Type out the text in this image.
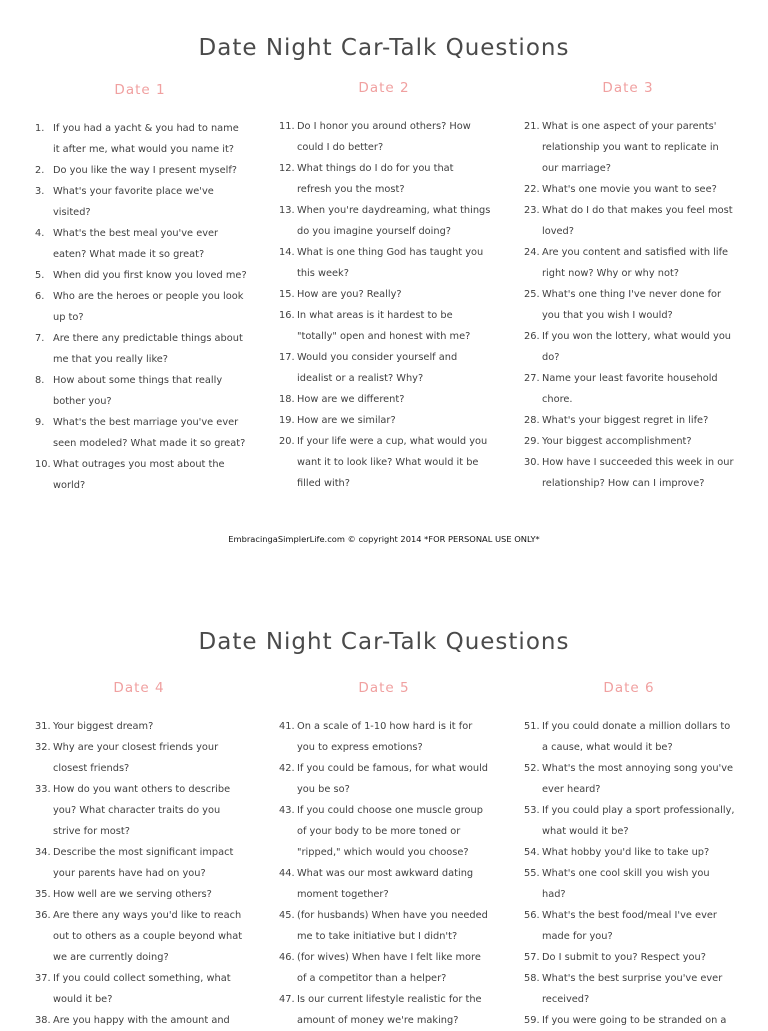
Date Night Car-Talk Questions
Date 1	Date 2	Date 3
1. If you had a yacht & you had to name it after me, what would you name it?
2. Do you like the way I present myself?
3. What's your favorite place we've visited?
4. What's the best meal you've ever eaten? What made it so great?
5. When did you first know you loved me?
6. Who are the heroes or people you look up to?
7. Are there any predictable things about me that you really like?
8. How about some things that really bother you?
9. What's the best marriage you've ever seen modeled? What made it so great?
10. What outrages you most about the world?
11. Do I honor you around others? How could I do better?
12. What things do I do for you that refresh you the most?
13. When you're daydreaming, what things do you imagine yourself doing?
14. What is one thing God has taught you this week?
15. How are you? Really?
16. In what areas is it hardest to be "totally" open and honest with me?
17. Would you consider yourself and idealist or a realist? Why?
18. How are we different?
19. How are we similar?
20. If your life were a cup, what would you want it to look like? What would it be filled with?
21. What is one aspect of your parents' relationship you want to replicate in our marriage?
22. What's one movie you want to see?
23. What do I do that makes you feel most loved?
24. Are you content and satisfied with life right now? Why or why not?
25. What's one thing I've never done for you that you wish I would?
26. If you won the lottery, what would you do?
27. Name your least favorite household chore.
28. What's your biggest regret in life?
29. Your biggest accomplishment?
30. How have I succeeded this week in our relationship? How can I improve?
EmbracingaSimplerLife.com © copyright 2014 *FOR PERSONAL USE ONLY*
Date Night Car-Talk Questions
Date 4	Date 5	Date 6
31. Your biggest dream?
32. Why are your closest friends your closest friends?
33. How do you want others to describe you? What character traits do you strive for most?
34. Describe the most significant impact your parents have had on you?
35. How well are we serving others?
36. Are there any ways you'd like to reach out to others as a couple beyond what we are currently doing?
37. If you could collect something, what would it be?
38. Are you happy with the amount and
41. On a scale of 1-10 how hard is it for you to express emotions?
42. If you could be famous, for what would you be so?
43. If you could choose one muscle group of your body to be more toned or "ripped," which would you choose?
44. What was our most awkward dating moment together?
45. (for husbands) When have you needed me to take initiative but I didn't?
46. (for wives) When have I felt like more of a competitor than a helper?
47. Is our current lifestyle realistic for the amount of money we're making?
51. If you could donate a million dollars to a cause, what would it be?
52. What's the most annoying song you've ever heard?
53. If you could play a sport professionally, what would it be?
54. What hobby you'd like to take up?
55. What's one cool skill you wish you had?
56. What's the best food/meal I've ever made for you?
57. Do I submit to you? Respect you?
58. What's the best surprise you've ever received?
59. If you were going to be stranded on a
